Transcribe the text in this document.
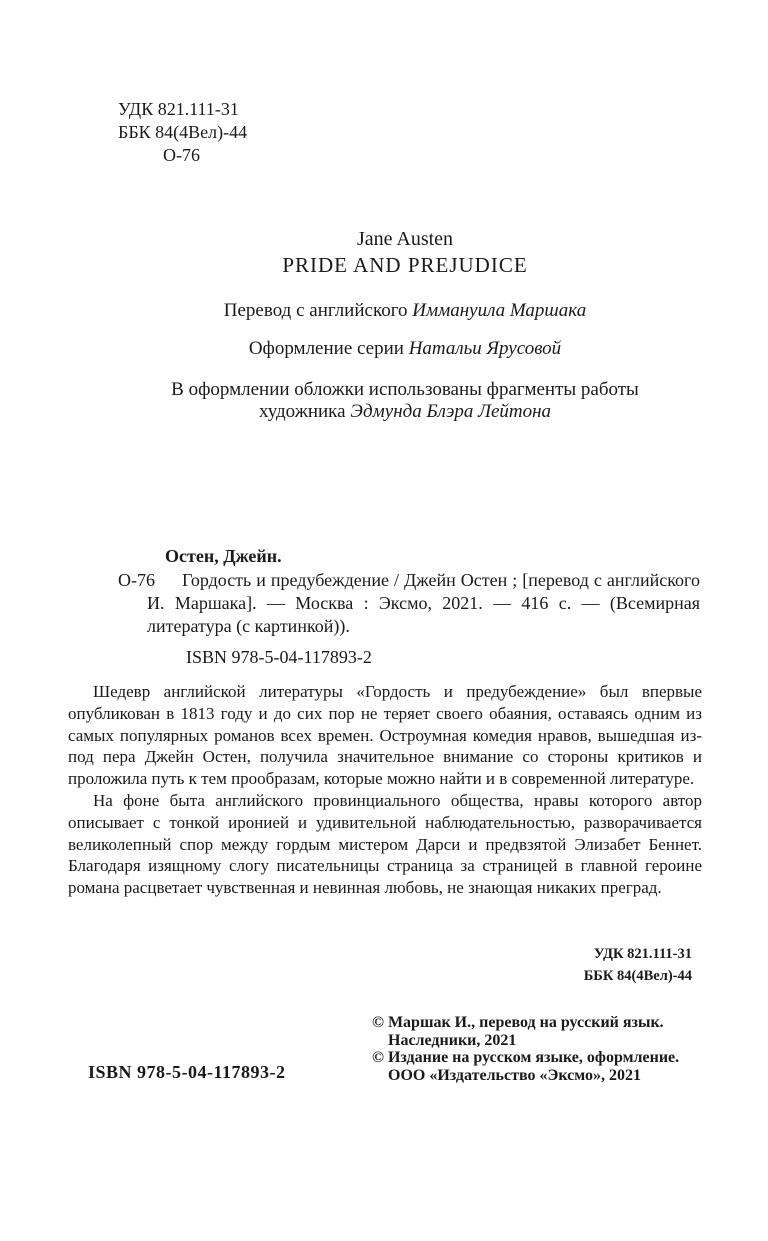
УДК 821.111-31
ББК 84(4Вел)-44
О-76
Jane Austen
PRIDE AND PREJUDICE
Перевод с английского Иммануила Маршака
Оформление серии Натальи Ярусовой
В оформлении обложки использованы фрагменты работы
художника Эдмунда Блэра Лейтона
Остен, Джейн.
О-76	Гордость и предубеждение / Джейн Остен ; [перевод с английского И. Маршака]. — Москва : Эксмо, 2021. — 416 с. — (Всемирная литература (с картинкой)).

ISBN 978-5-04-117893-2

Шедевр английской литературы «Гордость и предубеждение» был впервые опубликован в 1813 году и до сих пор не теряет своего обаяния, оставаясь одним из самых популярных романов всех времен. Остроумная комедия нравов, вышедшая из-под пера Джейн Остен, получила значительное внимание со стороны критиков и проложила путь к тем прообразам, которые можно найти и в современной литературе.

На фоне быта английского провинциального общества, нравы которого автор описывает с тонкой иронией и удивительной наблюдательностью, разворачивается великолепный спор между гордым мистером Дарси и предвзятой Элизабет Беннет. Благодаря изящному слогу писательницы страница за страницей в главной героине романа расцветает чувственная и невинная любовь, не знающая никаких преград.

УДК 821.111-31
ББК 84(4Вел)-44
© Маршак И., перевод на русский язык.
Наследники, 2021
© Издание на русском языке, оформление.
ООО «Издательство «Эксмо», 2021
ISBN 978-5-04-117893-2
